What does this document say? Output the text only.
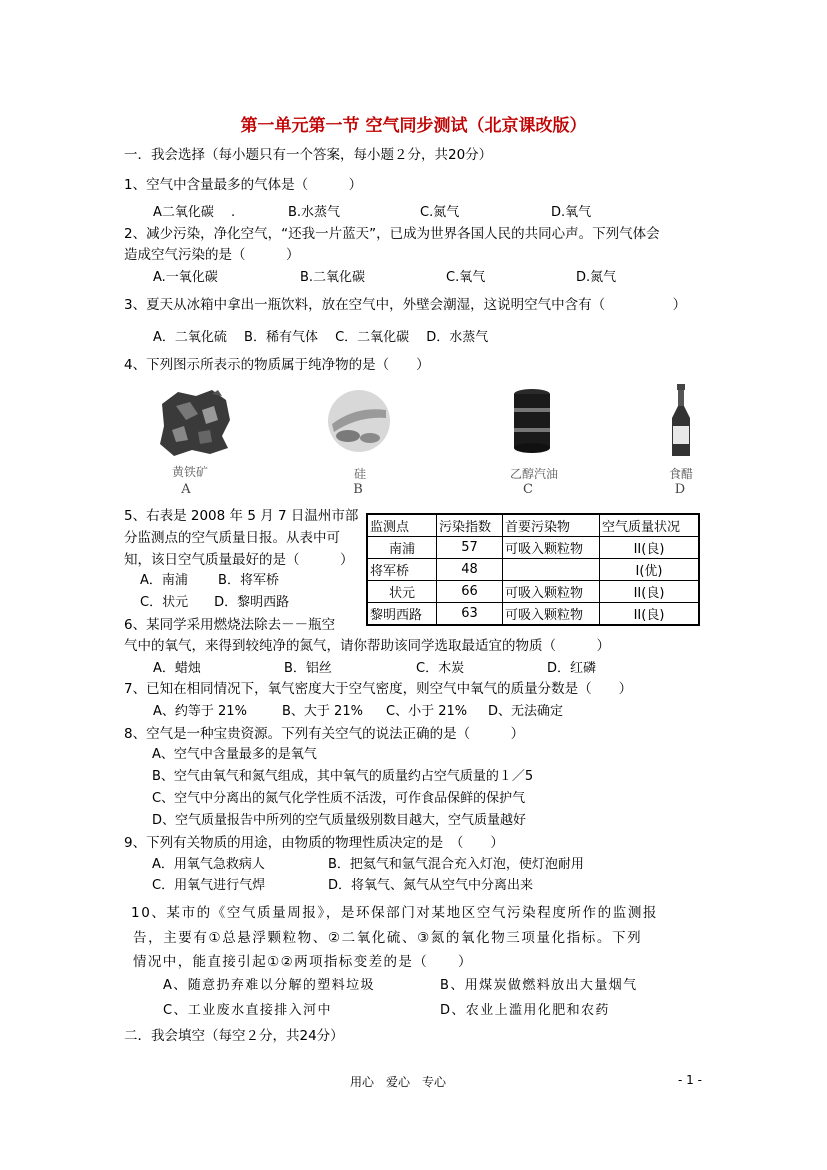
第一单元第一节 空气同步测试（北京课改版）
一．我会选择（每小题只有一个答案，每小题２分，共20分）
1、空气中含量最多的气体是（　　　）
A二氧化碳　 .	B.水蒸气	C.氮气	D.氧气
2、减少污染，净化空气，“还我一片蓝天”，已成为世界各国人民的共同心声。下列气体会
造成空气污染的是（　　　）
A.一氧化碳	B.二氧化碳	C.氧气	D.氮气
3、夏天从冰箱中拿出一瓶饮料，放在空气中，外壁会潮湿，这说明空气中含有（　　　　　）
A．二氧化硫　 B．稀有气体　 C．二氧化碳　 D．水蒸气
4、下列图示所表示的物质属于纯净物的是（　　）
黄铁矿
A
硅
B
乙醇汽油
C
食醋
D
5、右表是 2008 年 5 月 7 日温州市部
分监测点的空气质量日报。从表中可
知，该日空气质量最好的是（　　　）
A．南浦　　 B．将军桥
C．状元　　D．黎明西路
监测点	污染指数	首要污染物	空气质量状况
南浦	57	可吸入颗粒物	II(良)
将军桥	48		I(优)
状元	66	可吸入颗粒物	II(良)
黎明西路	63	可吸入颗粒物	II(良)
6、某同学采用燃烧法除去－－瓶空
气中的氧气，来得到较纯净的氮气，请你帮助该同学选取最适宜的物质（　　　）
A．蜡烛	B．铝丝	C．木炭	D．红磷
7、已知在相同情况下，氧气密度大于空气密度，则空气中氧气的质量分数是（　　）
A、约等于 21%	B、大于 21% C、小于 21% D、无法确定
8、空气是一种宝贵资源。下列有关空气的说法正确的是（　　　）
A、空气中含量最多的是氧气
B、空气由氧气和氮气组成，其中氧气的质量约占空气质量的１／5
C、空气中分离出的氮气化学性质不活泼，可作食品保鲜的保护气
D、空气质量报告中所列的空气质量级别数目越大，空气质量越好
9、下列有关物质的用途，由物质的物理性质决定的是　（　　）
A．用氧气急救病人	B．把氦气和氩气混合充入灯泡，使灯泡耐用
C．用氧气进行气焊	D．将氧气、氮气从空气中分离出来
10、某市的《空气质量周报》，是环保部门对某地区空气污染程度所作的监测报
告，主要有①总悬浮颗粒物、②二氧化硫、③氮的氧化物三项量化指标。下列
情况中，能直接引起①②两项指标变差的是（　　）
A、随意扔弃难以分解的塑料垃圾	B、用煤炭做燃料放出大量烟气
C、工业废水直接排入河中	D、农业上滥用化肥和农药
二．我会填空（每空２分，共24分）
用心　爱心　专心	- 1 -
